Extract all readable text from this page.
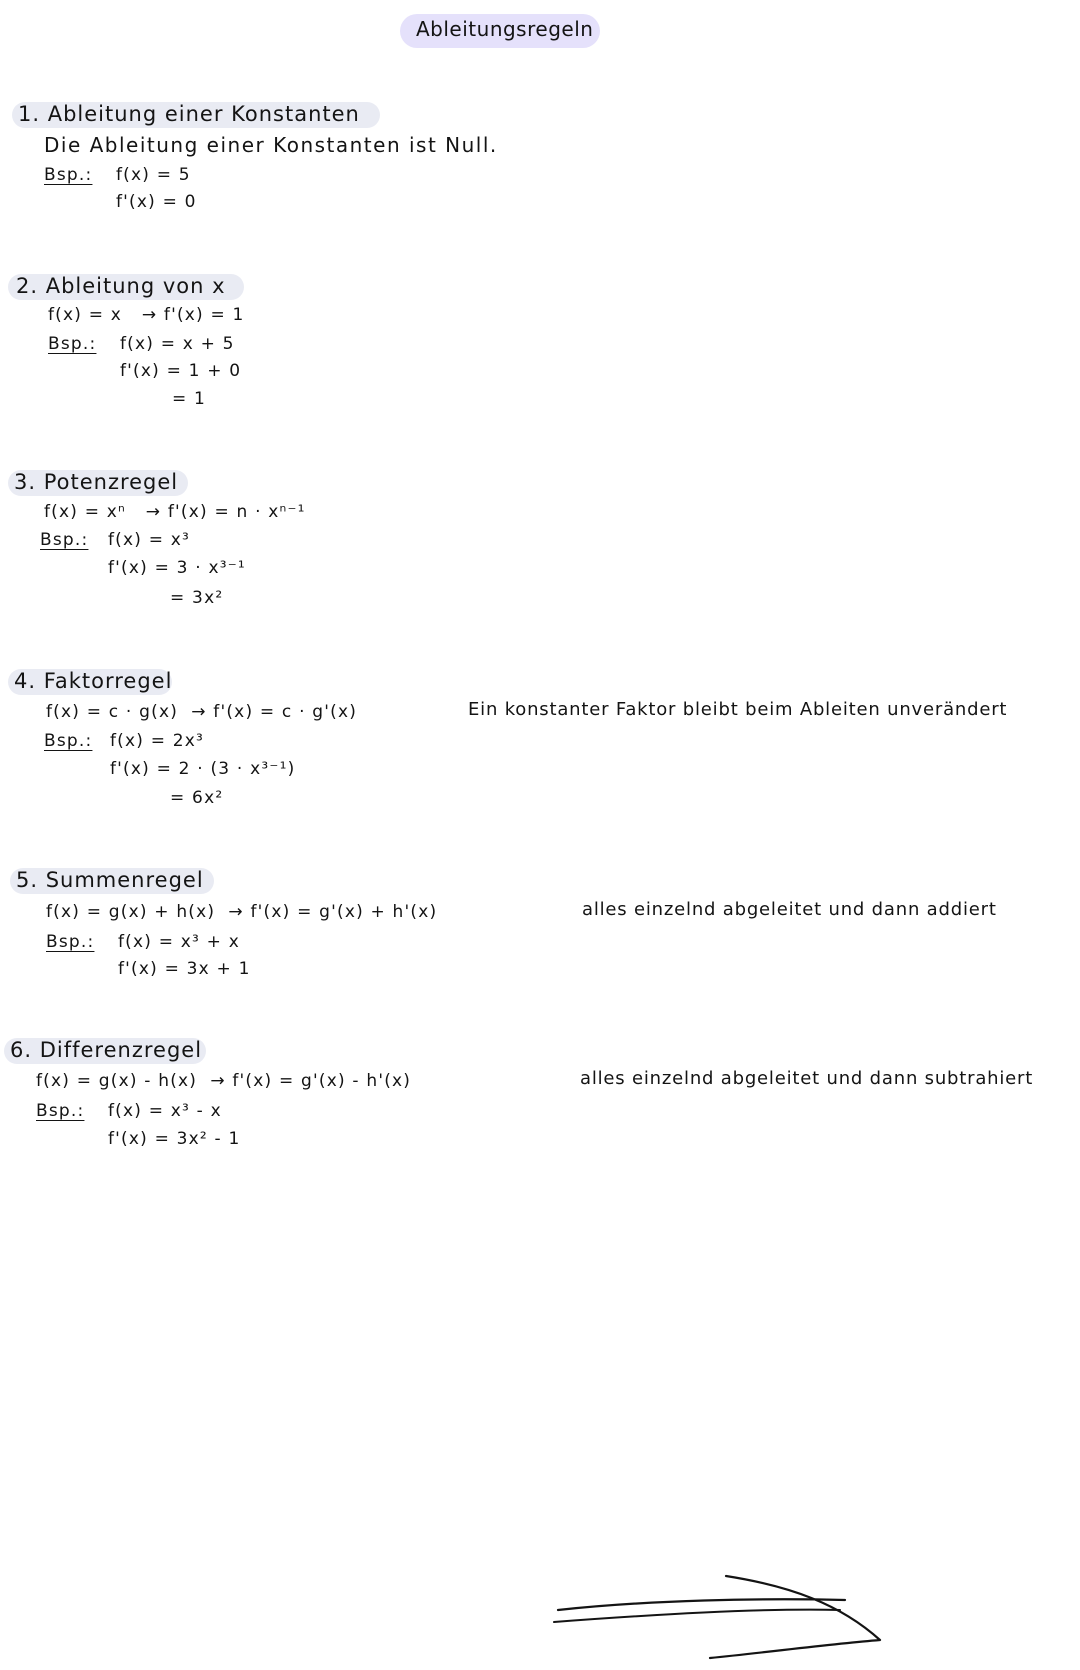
Ableitungsregeln
1. Ableitung einer Konstanten
Die Ableitung einer Konstanten ist Null.
Bsp.: f(x) = 5
f'(x) = 0
2. Ableitung von x
f(x) = x   → f'(x) = 1
Bsp.: f(x) = x + 5
f'(x) = 1 + 0
= 1
3. Potenzregel
f(x) = xⁿ   → f'(x) = n · xⁿ⁻¹
Bsp.: f(x) = x³
f'(x) = 3 · x³⁻¹
= 3x²
4. Faktorregel
f(x) = c · g(x)  → f'(x) = c · g'(x)	Ein konstanter Faktor bleibt beim Ableiten unverändert
Bsp.: f(x) = 2x³
f'(x) = 2 · (3 · x³⁻¹)
= 6x²
5. Summenregel
f(x) = g(x) + h(x)  → f'(x) = g'(x) + h'(x)	alles einzelnd abgeleitet und dann addiert
Bsp.: f(x) = x³ + x
f'(x) = 3x + 1
6. Differenzregel
f(x) = g(x) - h(x)  → f'(x) = g'(x) - h'(x)	alles einzelnd abgeleitet und dann subtrahiert
Bsp.: f(x) = x³ - x
f'(x) = 3x² - 1
